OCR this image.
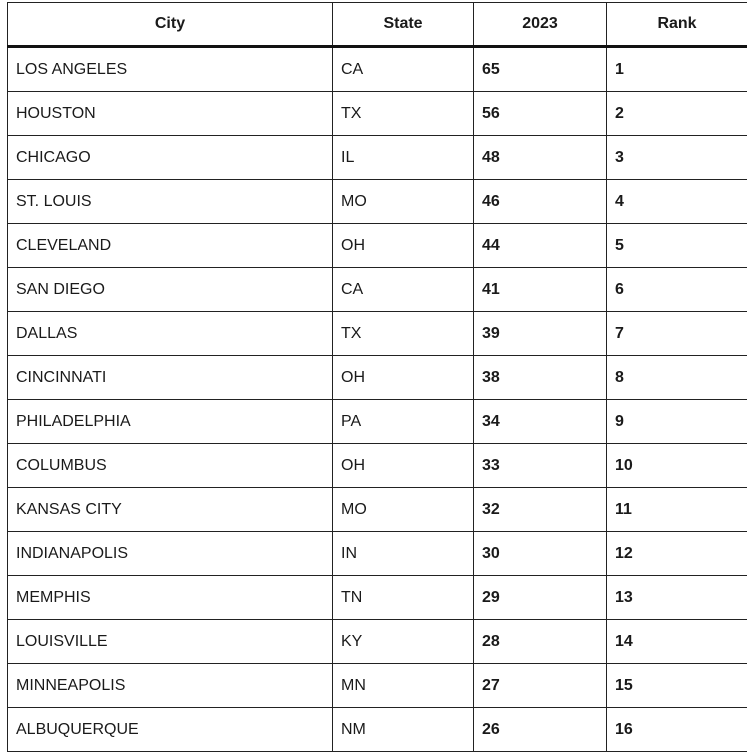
City	State	2023	Rank
LOS ANGELES	CA	65	1
HOUSTON	TX	56	2
CHICAGO	IL	48	3
ST. LOUIS	MO	46	4
CLEVELAND	OH	44	5
SAN DIEGO	CA	41	6
DALLAS	TX	39	7
CINCINNATI	OH	38	8
PHILADELPHIA	PA	34	9
COLUMBUS	OH	33	10
KANSAS CITY	MO	32	11
INDIANAPOLIS	IN	30	12
MEMPHIS	TN	29	13
LOUISVILLE	KY	28	14
MINNEAPOLIS	MN	27	15
ALBUQUERQUE	NM	26	16
